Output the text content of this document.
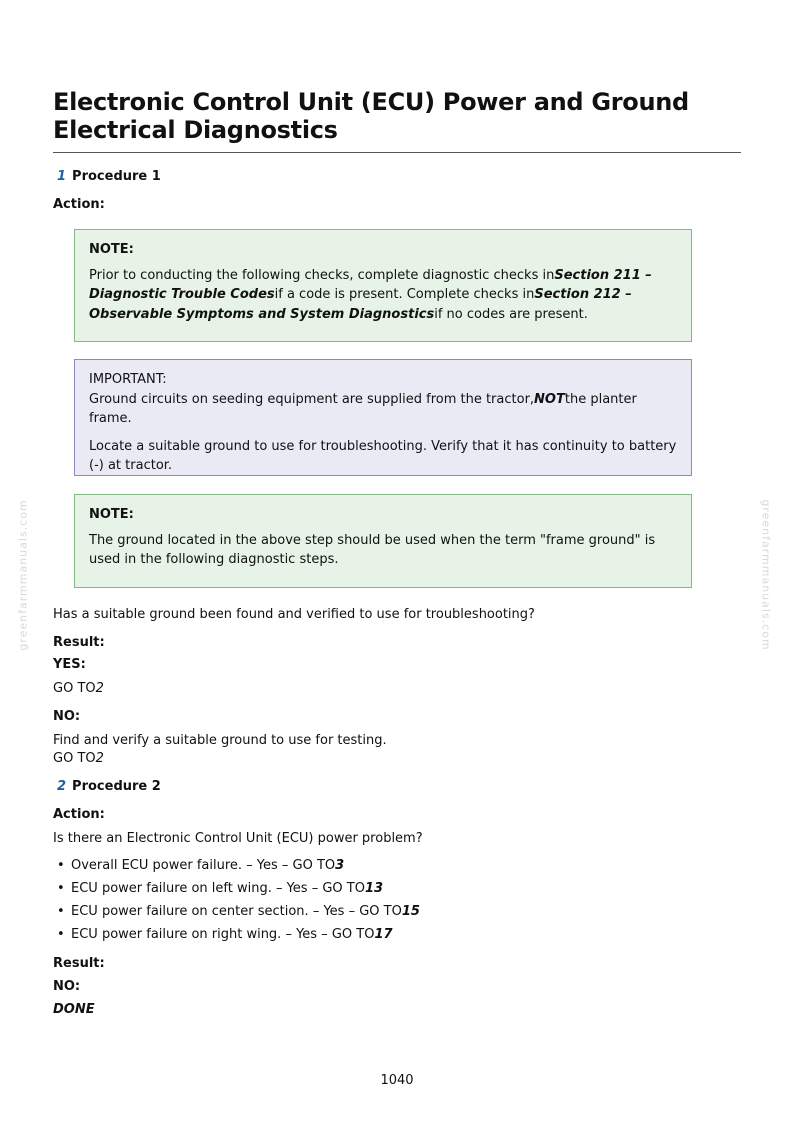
greenfarmmanuals.com	greenfarmmanuals.com
Electronic Control Unit (ECU) Power and Ground Electrical Diagnostics
1 Procedure 1
Action:
NOTE:

Prior to conducting the following checks, complete diagnostic checks inSection 211 – Diagnostic Trouble Codesif a code is present. Complete checks inSection 212 – Observable Symptoms and System Diagnosticsif no codes are present.

IMPORTANT:

Ground circuits on seeding equipment are supplied from the tractor,NOTthe planter frame.

Locate a suitable ground to use for troubleshooting. Verify that it has continuity to battery (-) at tractor.

NOTE:

The ground located in the above step should be used when the term "frame ground" is used in the following diagnostic steps.

Has a suitable ground been found and verified to use for troubleshooting?
Result:
YES:
GO TO2
NO:
Find and verify a suitable ground to use for testing.
GO TO2
2 Procedure 2
Action:
Is there an Electronic Control Unit (ECU) power problem?
• Overall ECU power failure. – Yes – GO TO3
• ECU power failure on left wing. – Yes – GO TO13
• ECU power failure on center section. – Yes – GO TO15
• ECU power failure on right wing. – Yes – GO TO17
Result:
NO:
DONE
1040
